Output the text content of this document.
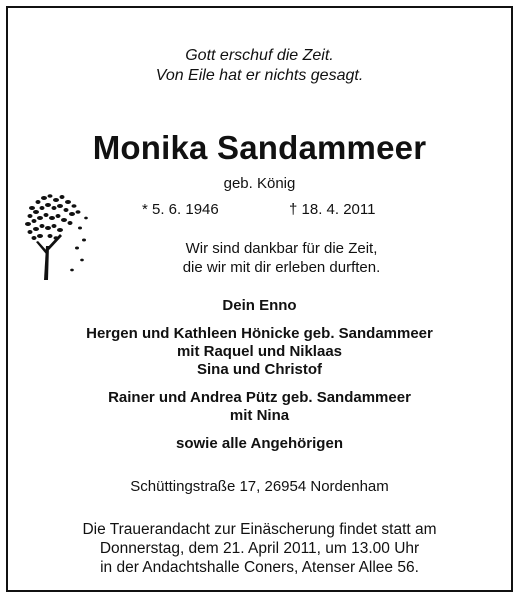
Gott erschuf die Zeit.
Von Eile hat er nichts gesagt.
Monika Sandammeer
geb. König
* 5. 6. 1946	† 18. 4. 2011
Wir sind dankbar für die Zeit,
die wir mit dir erleben durften.
Dein Enno
Hergen und Kathleen Hönicke geb. Sandammeer
mit Raquel und Niklaas
Sina und Christof
Rainer und Andrea Pütz geb. Sandammeer
mit Nina
sowie alle Angehörigen
Schüttingstraße 17, 26954 Nordenham
Die Trauerandacht zur Einäscherung findet statt am
Donnerstag, dem 21. April 2011, um 13.00 Uhr
in der Andachtshalle Coners, Atenser Allee 56.
